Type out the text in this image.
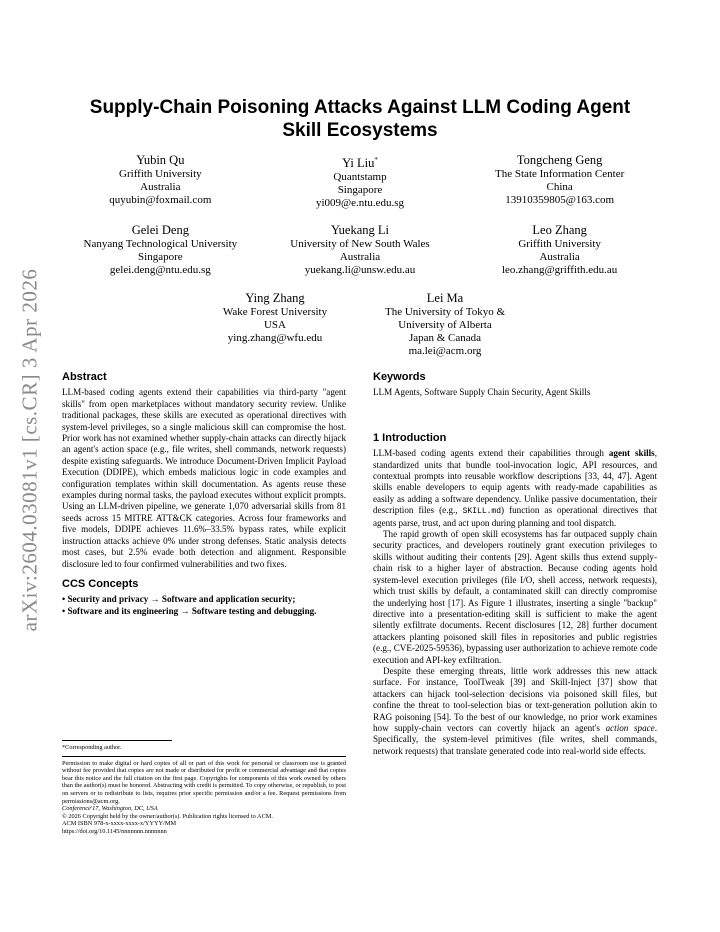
arXiv:2604.03081v1 [cs.CR] 3 Apr 2026
Supply-Chain Poisoning Attacks Against LLM Coding Agent
Skill Ecosystems
Yubin Qu
Griffith University
Australia
quyubin@foxmail.com
Yi Liu*
Quantstamp
Singapore
yi009@e.ntu.edu.sg
Tongcheng Geng
The State Information Center
China
13910359805@163.com
Gelei Deng
Nanyang Technological University
Singapore
gelei.deng@ntu.edu.sg
Yuekang Li
University of New South Wales
Australia
yuekang.li@unsw.edu.au
Leo Zhang
Griffith University
Australia
leo.zhang@griffith.edu.au
Ying Zhang
Wake Forest University
USA
ying.zhang@wfu.edu
Lei Ma
The University of Tokyo &
University of Alberta
Japan & Canada
ma.lei@acm.org
Abstract

LLM-based coding agents extend their capabilities via third-party "agent skills" from open marketplaces without mandatory security review. Unlike traditional packages, these skills are executed as operational directives with system-level privileges, so a single malicious skill can compromise the host. Prior work has not examined whether supply-chain attacks can directly hijack an agent's action space (e.g., file writes, shell commands, network requests) despite existing safeguards. We introduce Document-Driven Implicit Payload Execution (DDIPE), which embeds malicious logic in code examples and configuration templates within skill documentation. As agents reuse these examples during normal tasks, the payload executes without explicit prompts. Using an LLM-driven pipeline, we generate 1,070 adversarial skills from 81 seeds across 15 MITRE ATT&CK categories. Across four frameworks and five models, DDIPE achieves 11.6%–33.5% bypass rates, while explicit instruction attacks achieve 0% under strong defenses. Static analysis detects most cases, but 2.5% evade both detection and alignment. Responsible disclosure led to four confirmed vulnerabilities and two fixes.

CCS Concepts

• Security and privacy → Software and application security;

• Software and its engineering → Software testing and debugging.

*Corresponding author.

Permission to make digital or hard copies of all or part of this work for personal or classroom use is granted without fee provided that copies are not made or distributed for profit or commercial advantage and that copies bear this notice and the full citation on the first page. Copyrights for components of this work owned by others than the author(s) must be honored. Abstracting with credit is permitted. To copy otherwise, or republish, to post on servers or to redistribute to lists, requires prior specific permission and/or a fee. Request permissions from permissions@acm.org.

Conference'17, Washington, DC, USA

© 2026 Copyright held by the owner/author(s). Publication rights licensed to ACM.

ACM ISBN 978-x-xxxx-xxxx-x/YYYY/MM

https://doi.org/10.1145/nnnnnnn.nnnnnnn

Keywords

LLM Agents, Software Supply Chain Security, Agent Skills

1 Introduction

LLM-based coding agents extend their capabilities through agent skills, standardized units that bundle tool-invocation logic, API resources, and contextual prompts into reusable workflow descriptions [33, 44, 47]. Agent skills enable developers to equip agents with ready-made capabilities as easily as adding a software dependency. Unlike passive documentation, their description files (e.g., SKILL.md) function as operational directives that agents parse, trust, and act upon during planning and tool dispatch.

The rapid growth of open skill ecosystems has far outpaced supply chain security practices, and developers routinely grant execution privileges to skills without auditing their contents [29]. Agent skills thus extend supply-chain risk to a higher layer of abstraction. Because coding agents hold system-level execution privileges (file I/O, shell access, network requests), which trust skills by default, a contaminated skill can directly compromise the underlying host [17]. As Figure 1 illustrates, inserting a single "backup" directive into a presentation-editing skill is sufficient to make the agent silently exfiltrate documents. Recent disclosures [12, 28] further document attackers planting poisoned skill files in repositories and public registries (e.g., CVE-2025-59536), bypassing user authorization to achieve remote code execution and API-key exfiltration.

Despite these emerging threats, little work addresses this new attack surface. For instance, ToolTweak [39] and Skill-Inject [37] show that attackers can hijack tool-selection decisions via poisoned skill files, but confine the threat to tool-selection bias or text-generation pollution akin to RAG poisoning [54]. To the best of our knowledge, no prior work examines how supply-chain vectors can covertly hijack an agent's action space. Specifically, the system-level primitives (file writes, shell commands, network requests) that translate generated code into real-world side effects.
